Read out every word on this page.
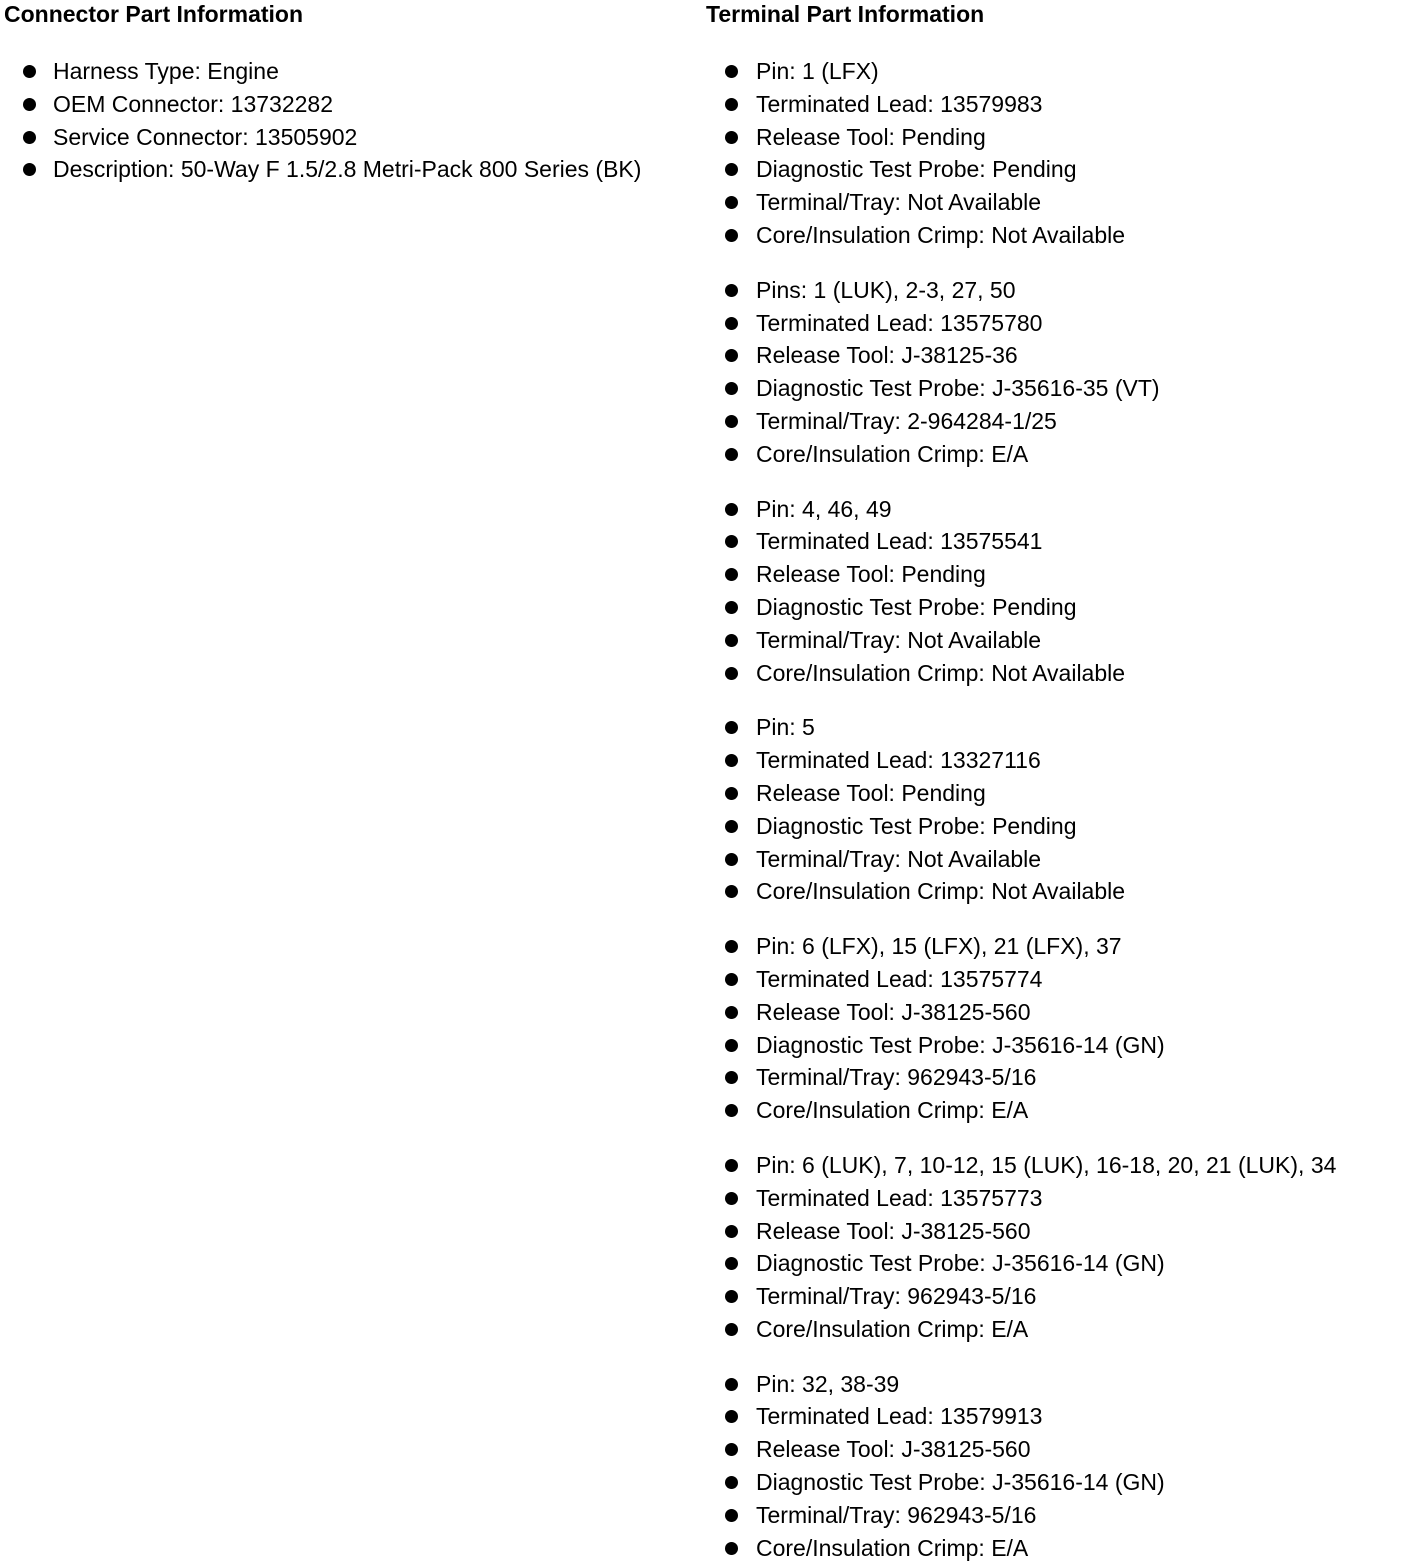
Connector Part Information
Harness Type: Engine
OEM Connector: 13732282
Service Connector: 13505902
Description: 50-Way F 1.5/2.8 Metri-Pack 800 Series (BK)
Terminal Part Information
Pin: 1 (LFX)
Terminated Lead: 13579983
Release Tool: Pending
Diagnostic Test Probe: Pending
Terminal/Tray: Not Available
Core/Insulation Crimp: Not Available
Pins: 1 (LUK), 2-3, 27, 50
Terminated Lead: 13575780
Release Tool: J-38125-36
Diagnostic Test Probe: J-35616-35 (VT)
Terminal/Tray: 2-964284-1/25
Core/Insulation Crimp: E/A
Pin: 4, 46, 49
Terminated Lead: 13575541
Release Tool: Pending
Diagnostic Test Probe: Pending
Terminal/Tray: Not Available
Core/Insulation Crimp: Not Available
Pin: 5
Terminated Lead: 13327116
Release Tool: Pending
Diagnostic Test Probe: Pending
Terminal/Tray: Not Available
Core/Insulation Crimp: Not Available
Pin: 6 (LFX), 15 (LFX), 21 (LFX), 37
Terminated Lead: 13575774
Release Tool: J-38125-560
Diagnostic Test Probe: J-35616-14 (GN)
Terminal/Tray: 962943-5/16
Core/Insulation Crimp: E/A
Pin: 6 (LUK), 7, 10-12, 15 (LUK), 16-18, 20, 21 (LUK), 34
Terminated Lead: 13575773
Release Tool: J-38125-560
Diagnostic Test Probe: J-35616-14 (GN)
Terminal/Tray: 962943-5/16
Core/Insulation Crimp: E/A
Pin: 32, 38-39
Terminated Lead: 13579913
Release Tool: J-38125-560
Diagnostic Test Probe: J-35616-14 (GN)
Terminal/Tray: 962943-5/16
Core/Insulation Crimp: E/A
